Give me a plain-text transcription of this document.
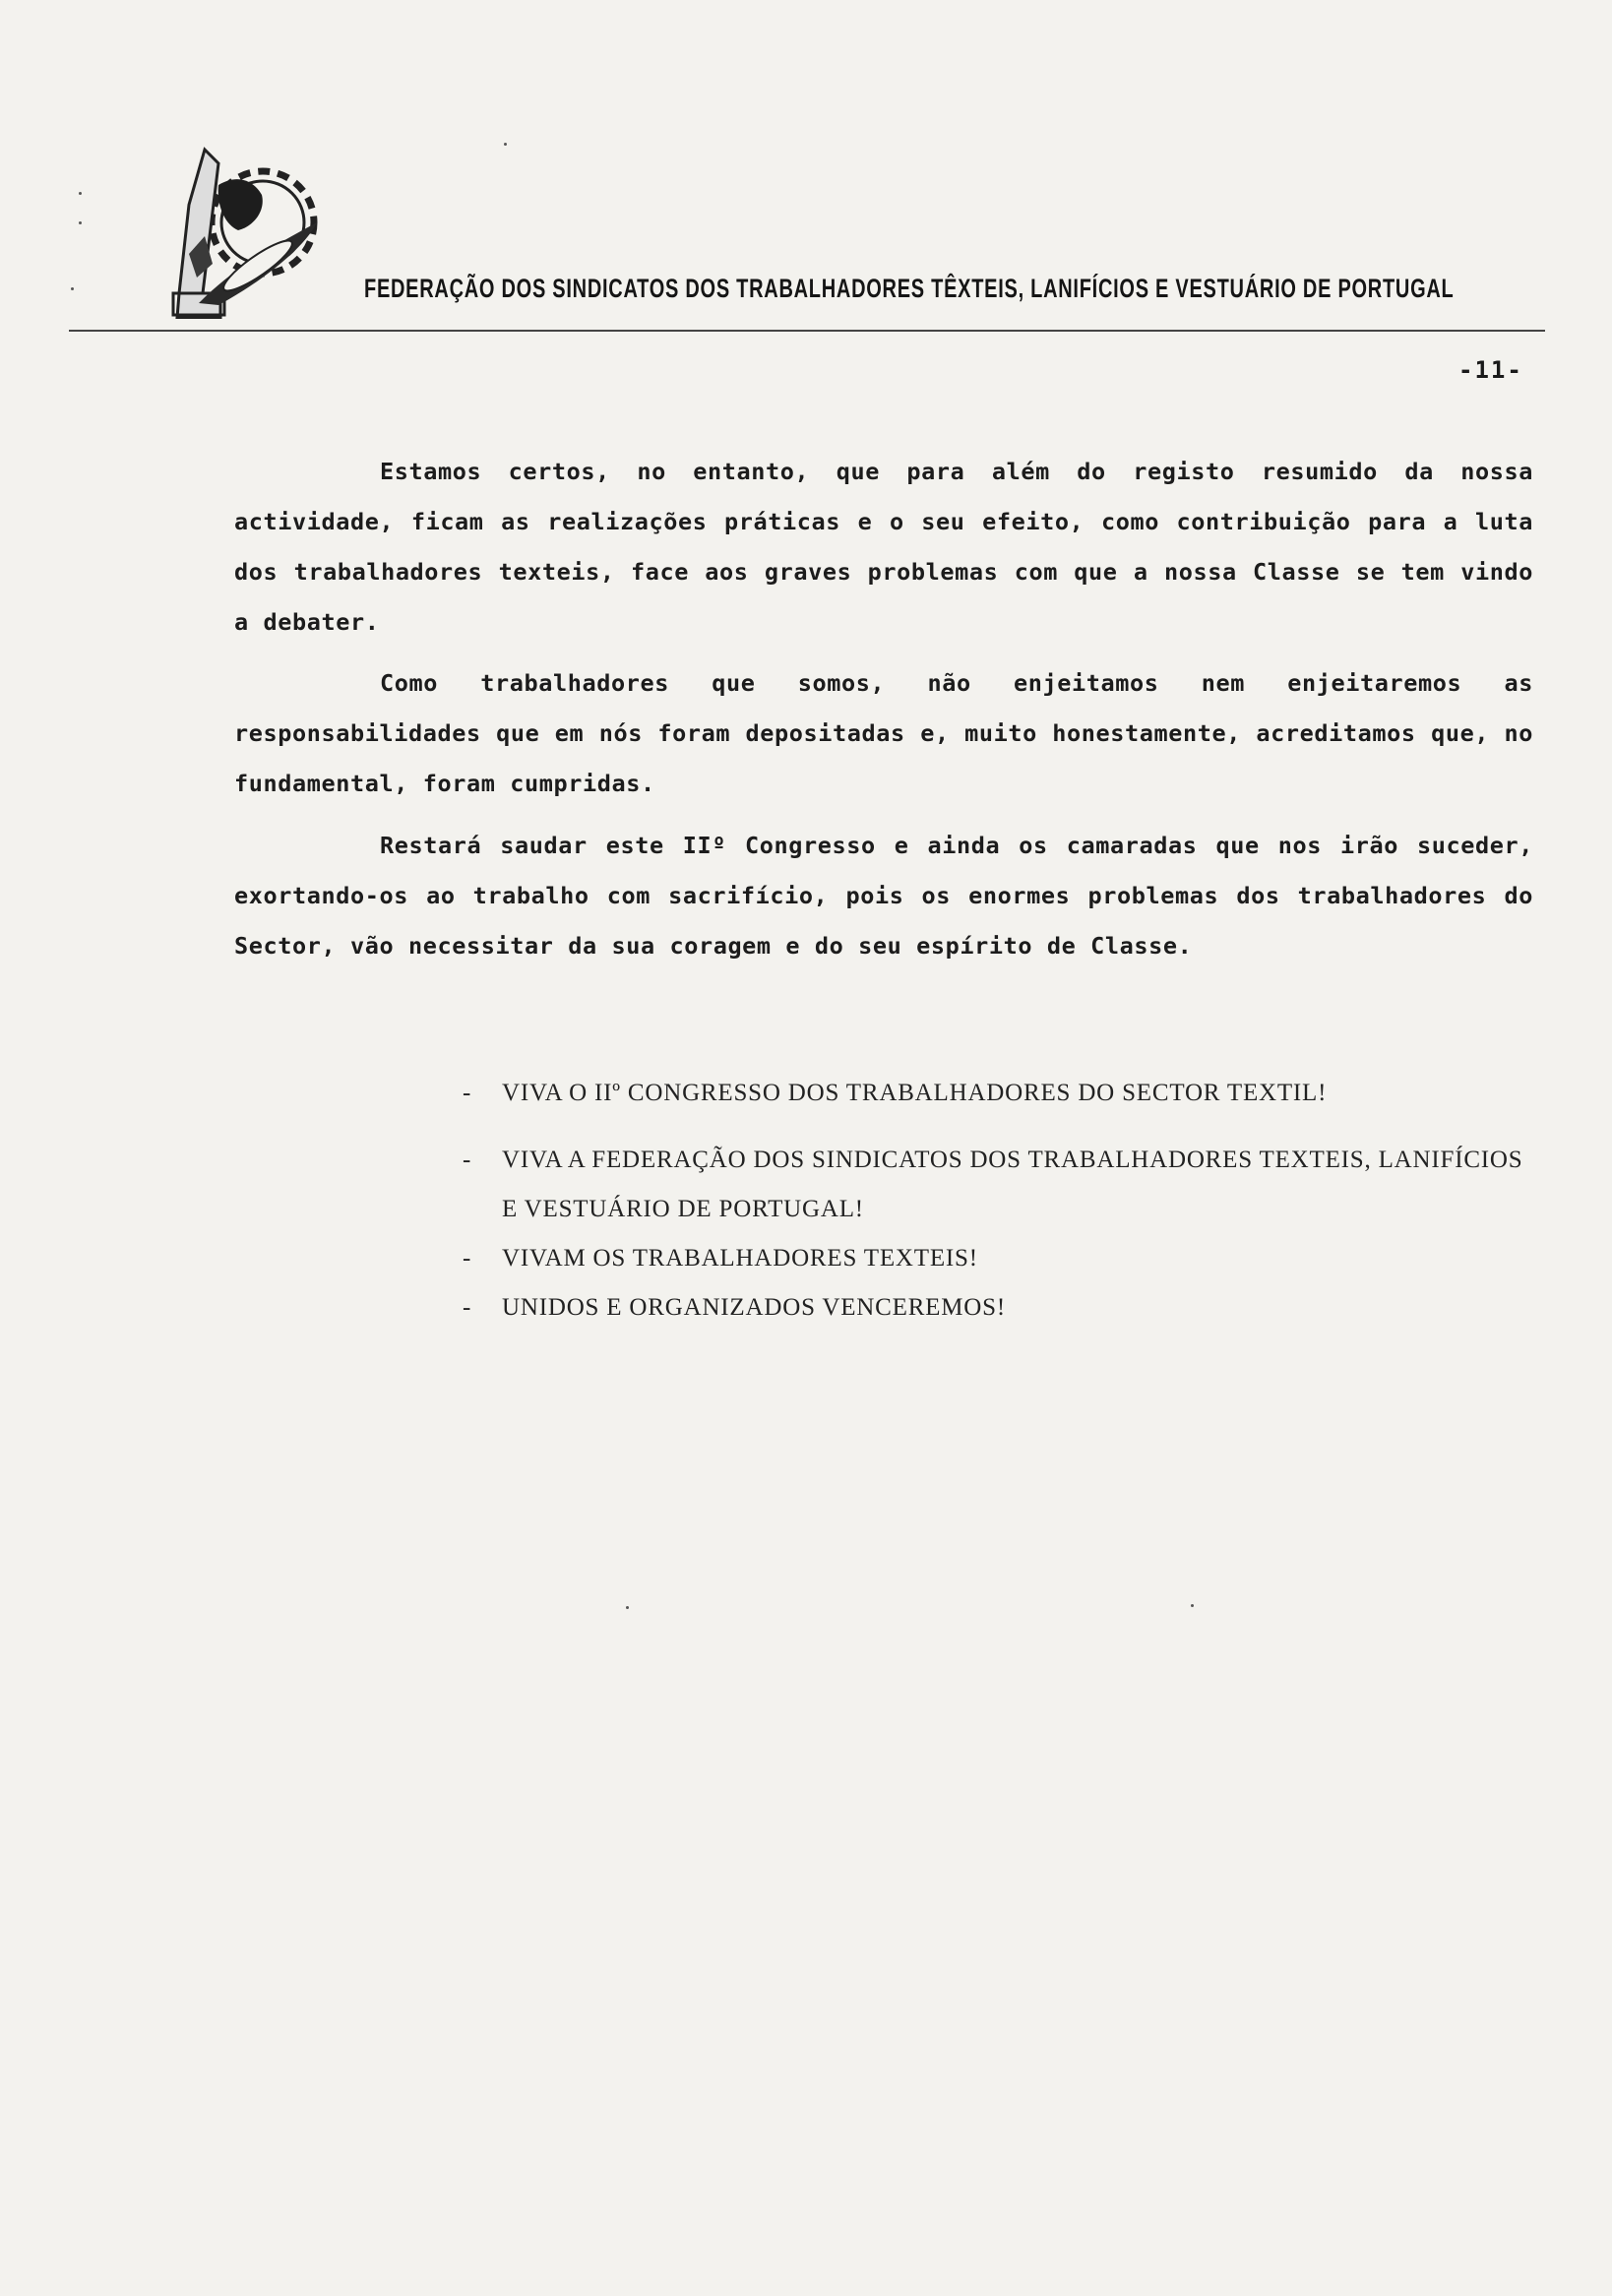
FEDERAÇÃO DOS SINDICATOS DOS TRABALHADORES TÊXTEIS, LANIFÍCIOS E VESTUÁRIO DE PORTUGAL
-11-

Estamos certos, no entanto, que para além do registo resumido da nossa actividade, ficam as realizações práticas e o seu efeito, como contribuição para a luta dos trabalhadores texteis, face aos graves problemas com que a nossa Classe se tem vindo a debater.

Como trabalhadores que somos, não enjeitamos nem enjeitaremos as responsabilidades que em nós foram depositadas e, muito honestamente, acreditamos que, no fundamental, foram cumpridas.

Restará saudar este IIº Congresso e ainda os camaradas que nos irão suceder, exortando-os ao trabalho com sacrifício, pois os enormes problemas dos trabalhadores do Sector, vão necessitar da sua coragem e do seu espírito de Classe.

- VIVA O IIº CONGRESSO DOS TRABALHADORES DO SECTOR TEXTIL!
- VIVA A FEDERAÇÃO DOS SINDICATOS DOS TRABALHADORES TEXTEIS, LANIFÍCIOS E VESTUÁRIO DE PORTUGAL!
- VIVAM OS TRABALHADORES TEXTEIS!
- UNIDOS E ORGANIZADOS VENCEREMOS!
